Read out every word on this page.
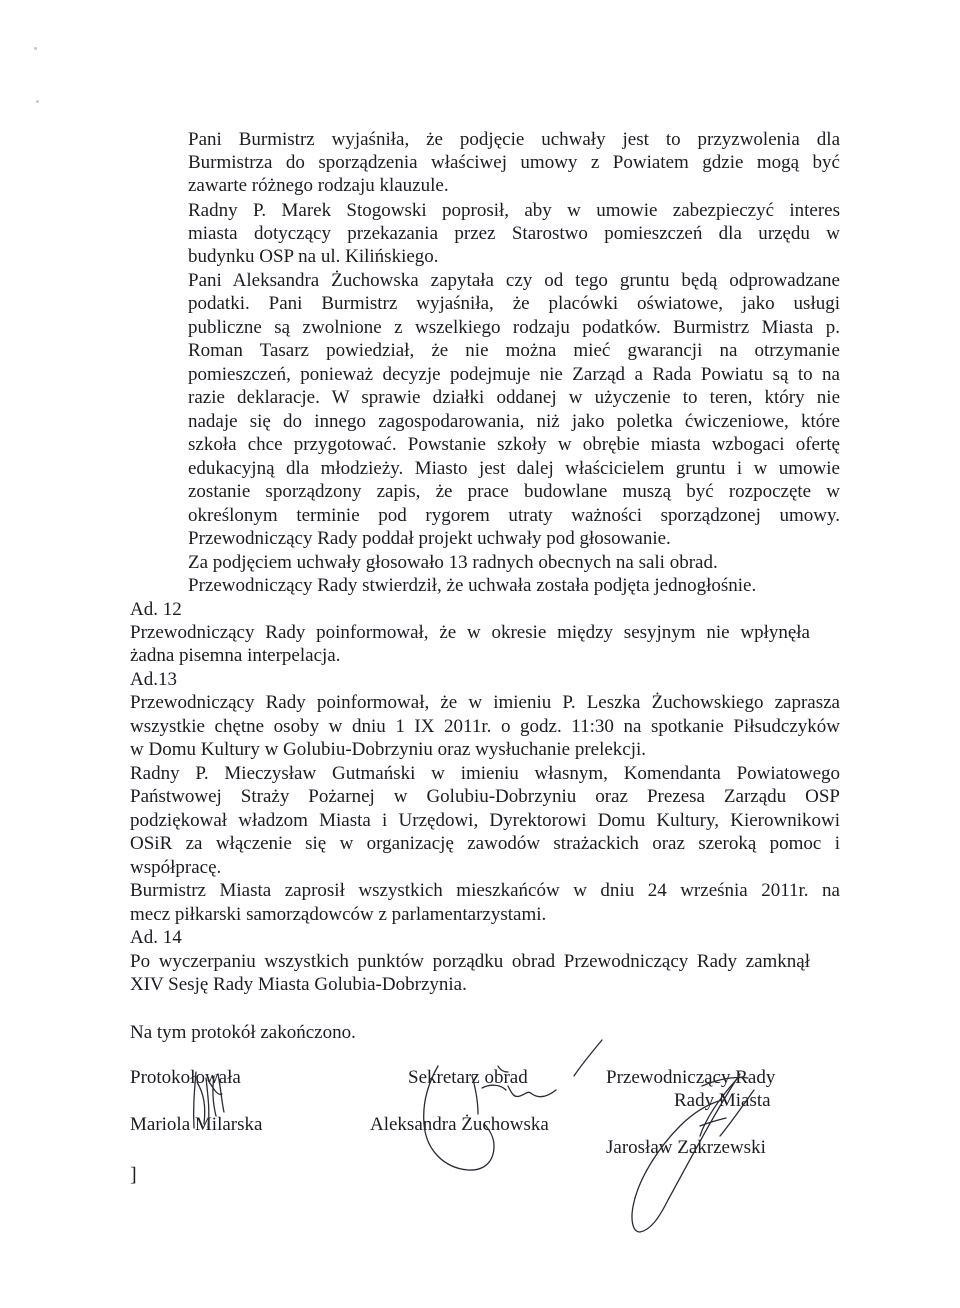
Pani Burmistrz wyjaśniła, że podjęcie uchwały jest to przyzwolenia dla
Burmistrza do sporządzenia właściwej umowy z Powiatem gdzie mogą być
zawarte różnego rodzaju klauzule.
Radny P. Marek Stogowski poprosił, aby w umowie zabezpieczyć interes
miasta dotyczący przekazania przez Starostwo pomieszczeń dla urzędu w
budynku OSP na ul. Kilińskiego.
Pani Aleksandra Żuchowska zapytała czy od tego gruntu będą odprowadzane
podatki. Pani Burmistrz wyjaśniła, że placówki oświatowe, jako usługi
publiczne są zwolnione z wszelkiego rodzaju podatków. Burmistrz Miasta p.
Roman Tasarz powiedział, że nie można mieć gwarancji na otrzymanie
pomieszczeń, ponieważ decyzje podejmuje nie Zarząd a Rada Powiatu są to na
razie deklaracje. W sprawie działki oddanej w użyczenie to teren, który nie
nadaje się do innego zagospodarowania, niż jako poletka ćwiczeniowe, które
szkoła chce przygotować. Powstanie szkoły w obrębie miasta wzbogaci ofertę
edukacyjną dla młodzieży. Miasto jest dalej właścicielem gruntu i w umowie
zostanie sporządzony zapis, że prace budowlane muszą być rozpoczęte w
określonym terminie pod rygorem utraty ważności sporządzonej umowy.
Przewodniczący Rady poddał projekt uchwały pod głosowanie.
Za podjęciem uchwały głosowało 13 radnych obecnych na sali obrad.
Przewodniczący Rady stwierdził, że uchwała została podjęta jednogłośnie.
Ad. 12
Przewodniczący Rady poinformował, że w okresie między sesyjnym nie wpłynęła
żadna pisemna interpelacja.
Ad.13
Przewodniczący Rady poinformował, że w imieniu P. Leszka Żuchowskiego zaprasza
wszystkie chętne osoby w dniu 1 IX 2011r. o godz. 11:30 na spotkanie Piłsudczyków
w Domu Kultury w Golubiu-Dobrzyniu oraz wysłuchanie prelekcji.
Radny P. Mieczysław Gutmański w imieniu własnym, Komendanta Powiatowego
Państwowej Straży Pożarnej w Golubiu-Dobrzyniu oraz Prezesa Zarządu OSP
podziękował władzom Miasta i Urzędowi, Dyrektorowi Domu Kultury, Kierownikowi
OSiR za włączenie się w organizację zawodów strażackich oraz szeroką pomoc i
współpracę.
Burmistrz Miasta zaprosił wszystkich mieszkańców w dniu 24 września 2011r. na
mecz piłkarski samorządowców z parlamentarzystami.
Ad. 14
Po wyczerpaniu wszystkich punktów porządku obrad Przewodniczący Rady zamknął
XIV Sesję Rady Miasta Golubia-Dobrzynia.
Na tym protokół zakończono.
Protokołowała
Mariola Milarska
]
Sekretarz obrad
Aleksandra Żuchowska
Przewodniczący Rady
Rady Miasta
Jarosław Zakrzewski
